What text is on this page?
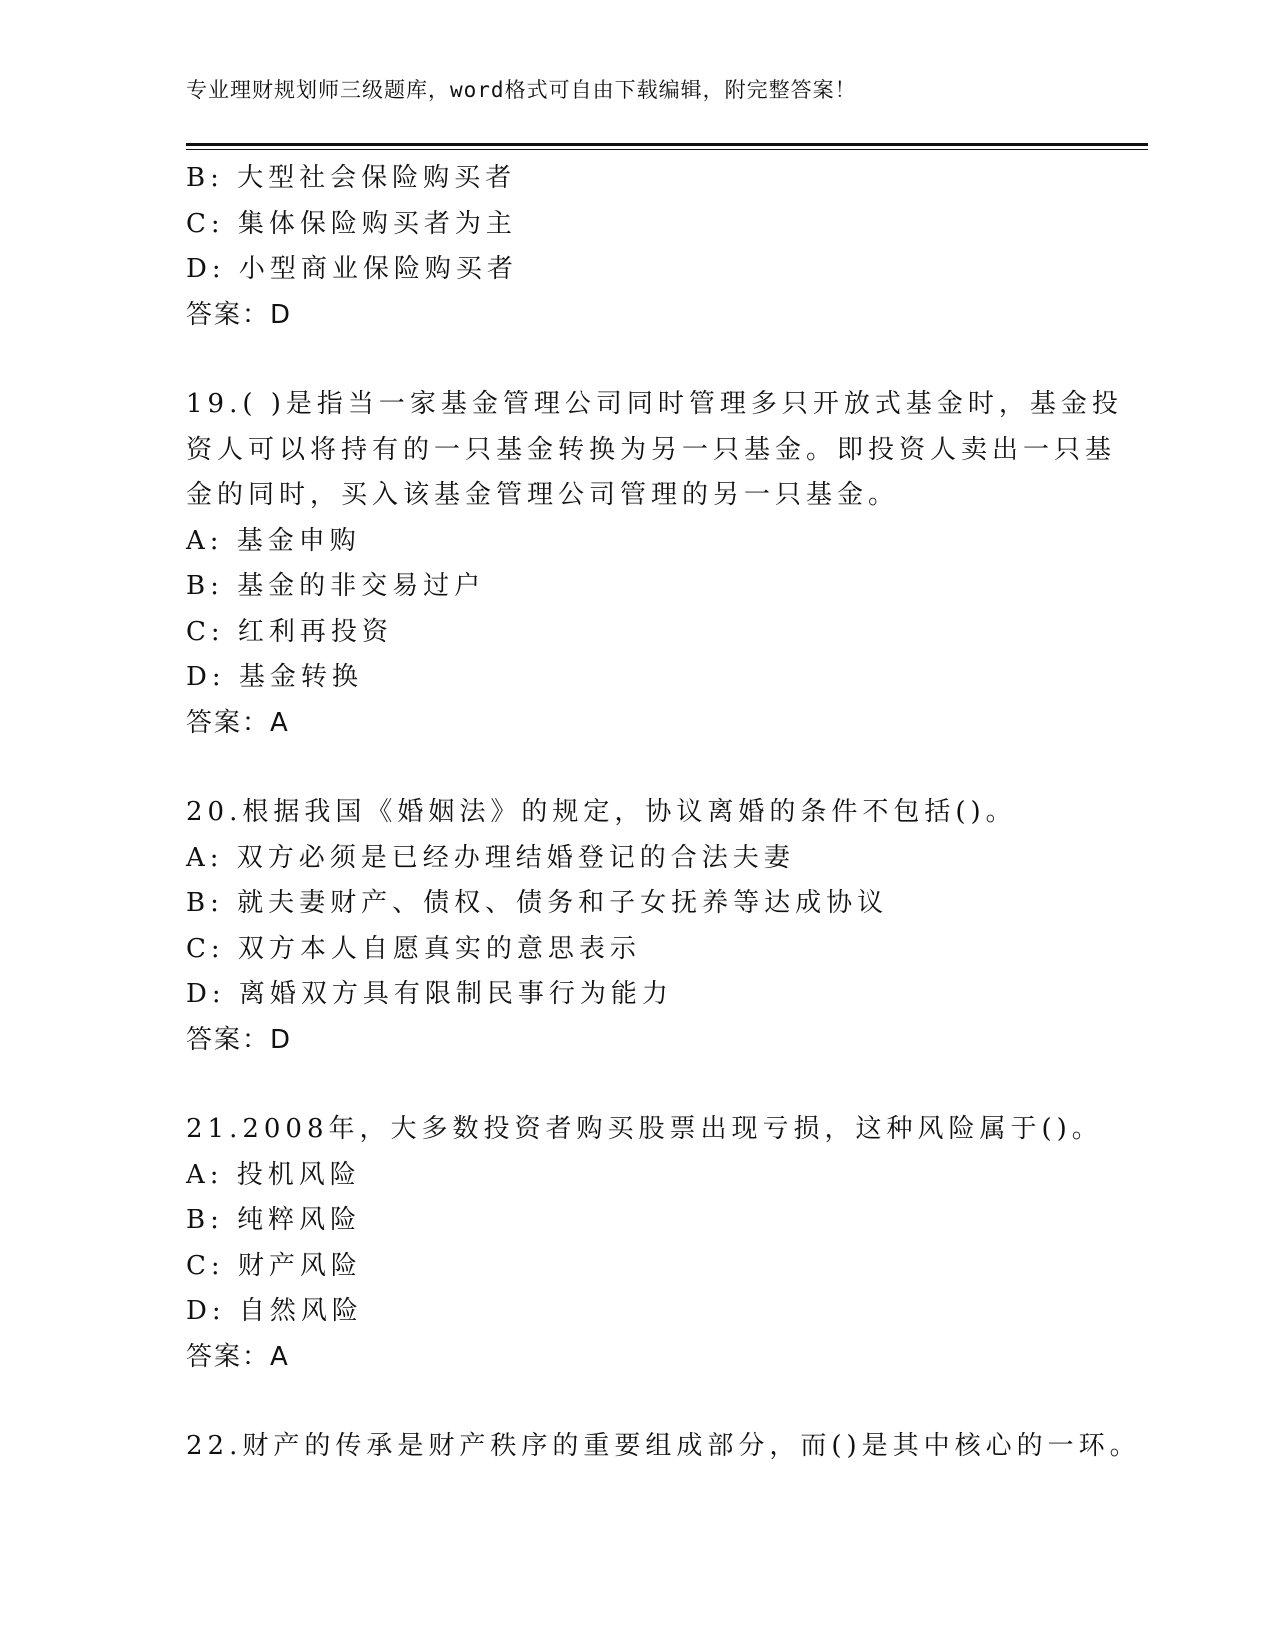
专业理财规划师三级题库，word格式可自由下载编辑，附完整答案！
B: 大型社会保险购买者
C: 集体保险购买者为主
D: 小型商业保险购买者
答案：D
19.( )是指当一家基金管理公司同时管理多只开放式基金时，基金投
资人可以将持有的一只基金转换为另一只基金。即投资人卖出一只基
金的同时，买入该基金管理公司管理的另一只基金。
A: 基金申购
B: 基金的非交易过户
C: 红利再投资
D: 基金转换
答案：A
20.根据我国《婚姻法》的规定，协议离婚的条件不包括()。
A: 双方必须是已经办理结婚登记的合法夫妻
B: 就夫妻财产、债权、债务和子女抚养等达成协议
C: 双方本人自愿真实的意思表示
D: 离婚双方具有限制民事行为能力
答案：D
21.2008年，大多数投资者购买股票出现亏损，这种风险属于()。
A: 投机风险
B: 纯粹风险
C: 财产风险
D: 自然风险
答案：A
22.财产的传承是财产秩序的重要组成部分，而()是其中核心的一环。
